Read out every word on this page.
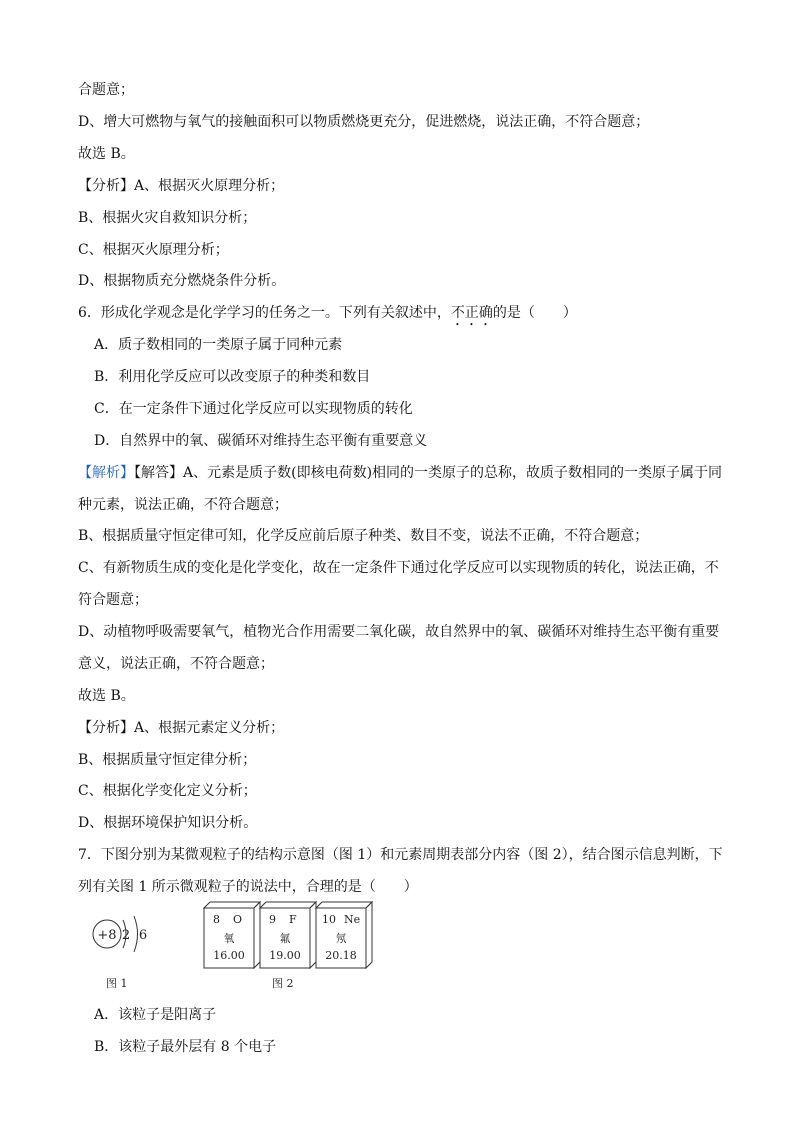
合题意；
D、增大可燃物与氧气的接触面积可以物质燃烧更充分，促进燃烧，说法正确，不符合题意；
故选 B。
【分析】A、根据灭火原理分析；
B、根据火灾自救知识分析；
C、根据灭火原理分析；
D、根据物质充分燃烧条件分析。
6．形成化学观念是化学学习的任务之一。下列有关叙述中，不正确的是（　　）
A．质子数相同的一类原子属于同种元素
B．利用化学反应可以改变原子的种类和数目
C．在一定条件下通过化学反应可以实现物质的转化
D．自然界中的氧、碳循环对维持生态平衡有重要意义
【解析】【解答】A、元素是质子数(即核电荷数)相同的一类原子的总称，故质子数相同的一类原子属于同
种元素，说法正确，不符合题意；
B、根据质量守恒定律可知，化学反应前后原子种类、数目不变，说法不正确，不符合题意；
C、有新物质生成的变化是化学变化，故在一定条件下通过化学反应可以实现物质的转化，说法正确，不
符合题意；
D、动植物呼吸需要氧气，植物光合作用需要二氧化碳，故自然界中的氧、碳循环对维持生态平衡有重要
意义，说法正确，不符合题意；
故选 B。
【分析】A、根据元素定义分析；
B、根据质量守恒定律分析；
C、根据化学变化定义分析；
D、根据环境保护知识分析。
7．下图分别为某微观粒子的结构示意图（图 1）和元素周期表部分内容（图 2），结合图示信息判断，下
列有关图 1 所示微观粒子的说法中，合理的是（　　）
+8 2 6
图 1
8 O
氧
16.00
9 F
氟
19.00
10 Ne
氖
20.18
图 2
A．该粒子是阳离子
B．该粒子最外层有 8 个电子
